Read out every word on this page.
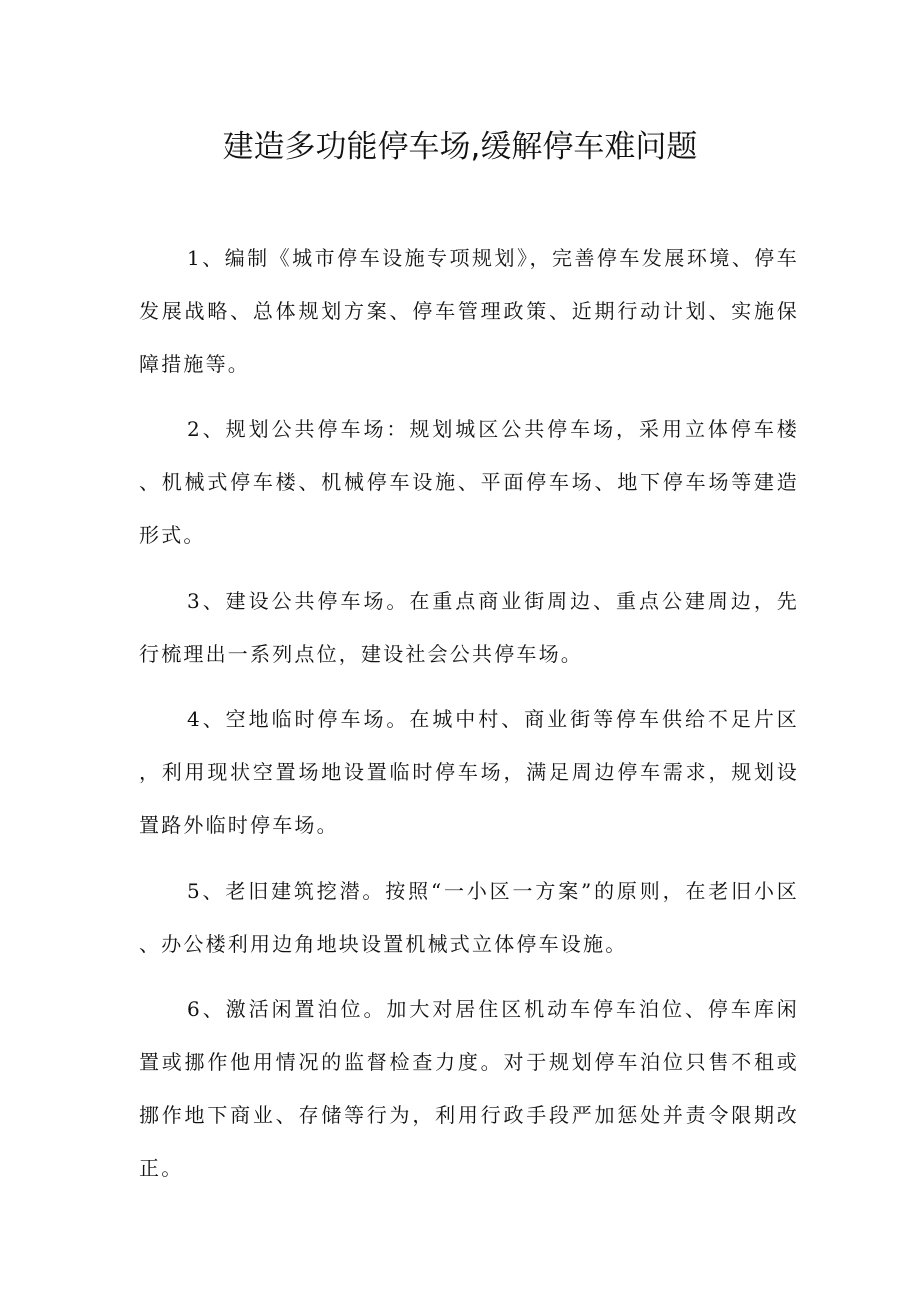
建造多功能停车场,缓解停车难问题

1、编制《城市停车设施专项规划》，完善停车发展环境、停车发展战略、总体规划方案、停车管理政策、近期行动计划、实施保障措施等。

2、规划公共停车场：规划城区公共停车场，采用立体停车楼、机械式停车楼、机械停车设施、平面停车场、地下停车场等建造形式。

3、建设公共停车场。在重点商业街周边、重点公建周边，先行梳理出一系列点位，建设社会公共停车场。

4、空地临时停车场。在城中村、商业街等停车供给不足片区，利用现状空置场地设置临时停车场，满足周边停车需求，规划设置路外临时停车场。

5、老旧建筑挖潜。按照“一小区一方案”的原则，在老旧小区、办公楼利用边角地块设置机械式立体停车设施。

6、激活闲置泊位。加大对居住区机动车停车泊位、停车库闲置或挪作他用情况的监督检查力度。对于规划停车泊位只售不租或挪作地下商业、存储等行为，利用行政手段严加惩处并责令限期改正。
